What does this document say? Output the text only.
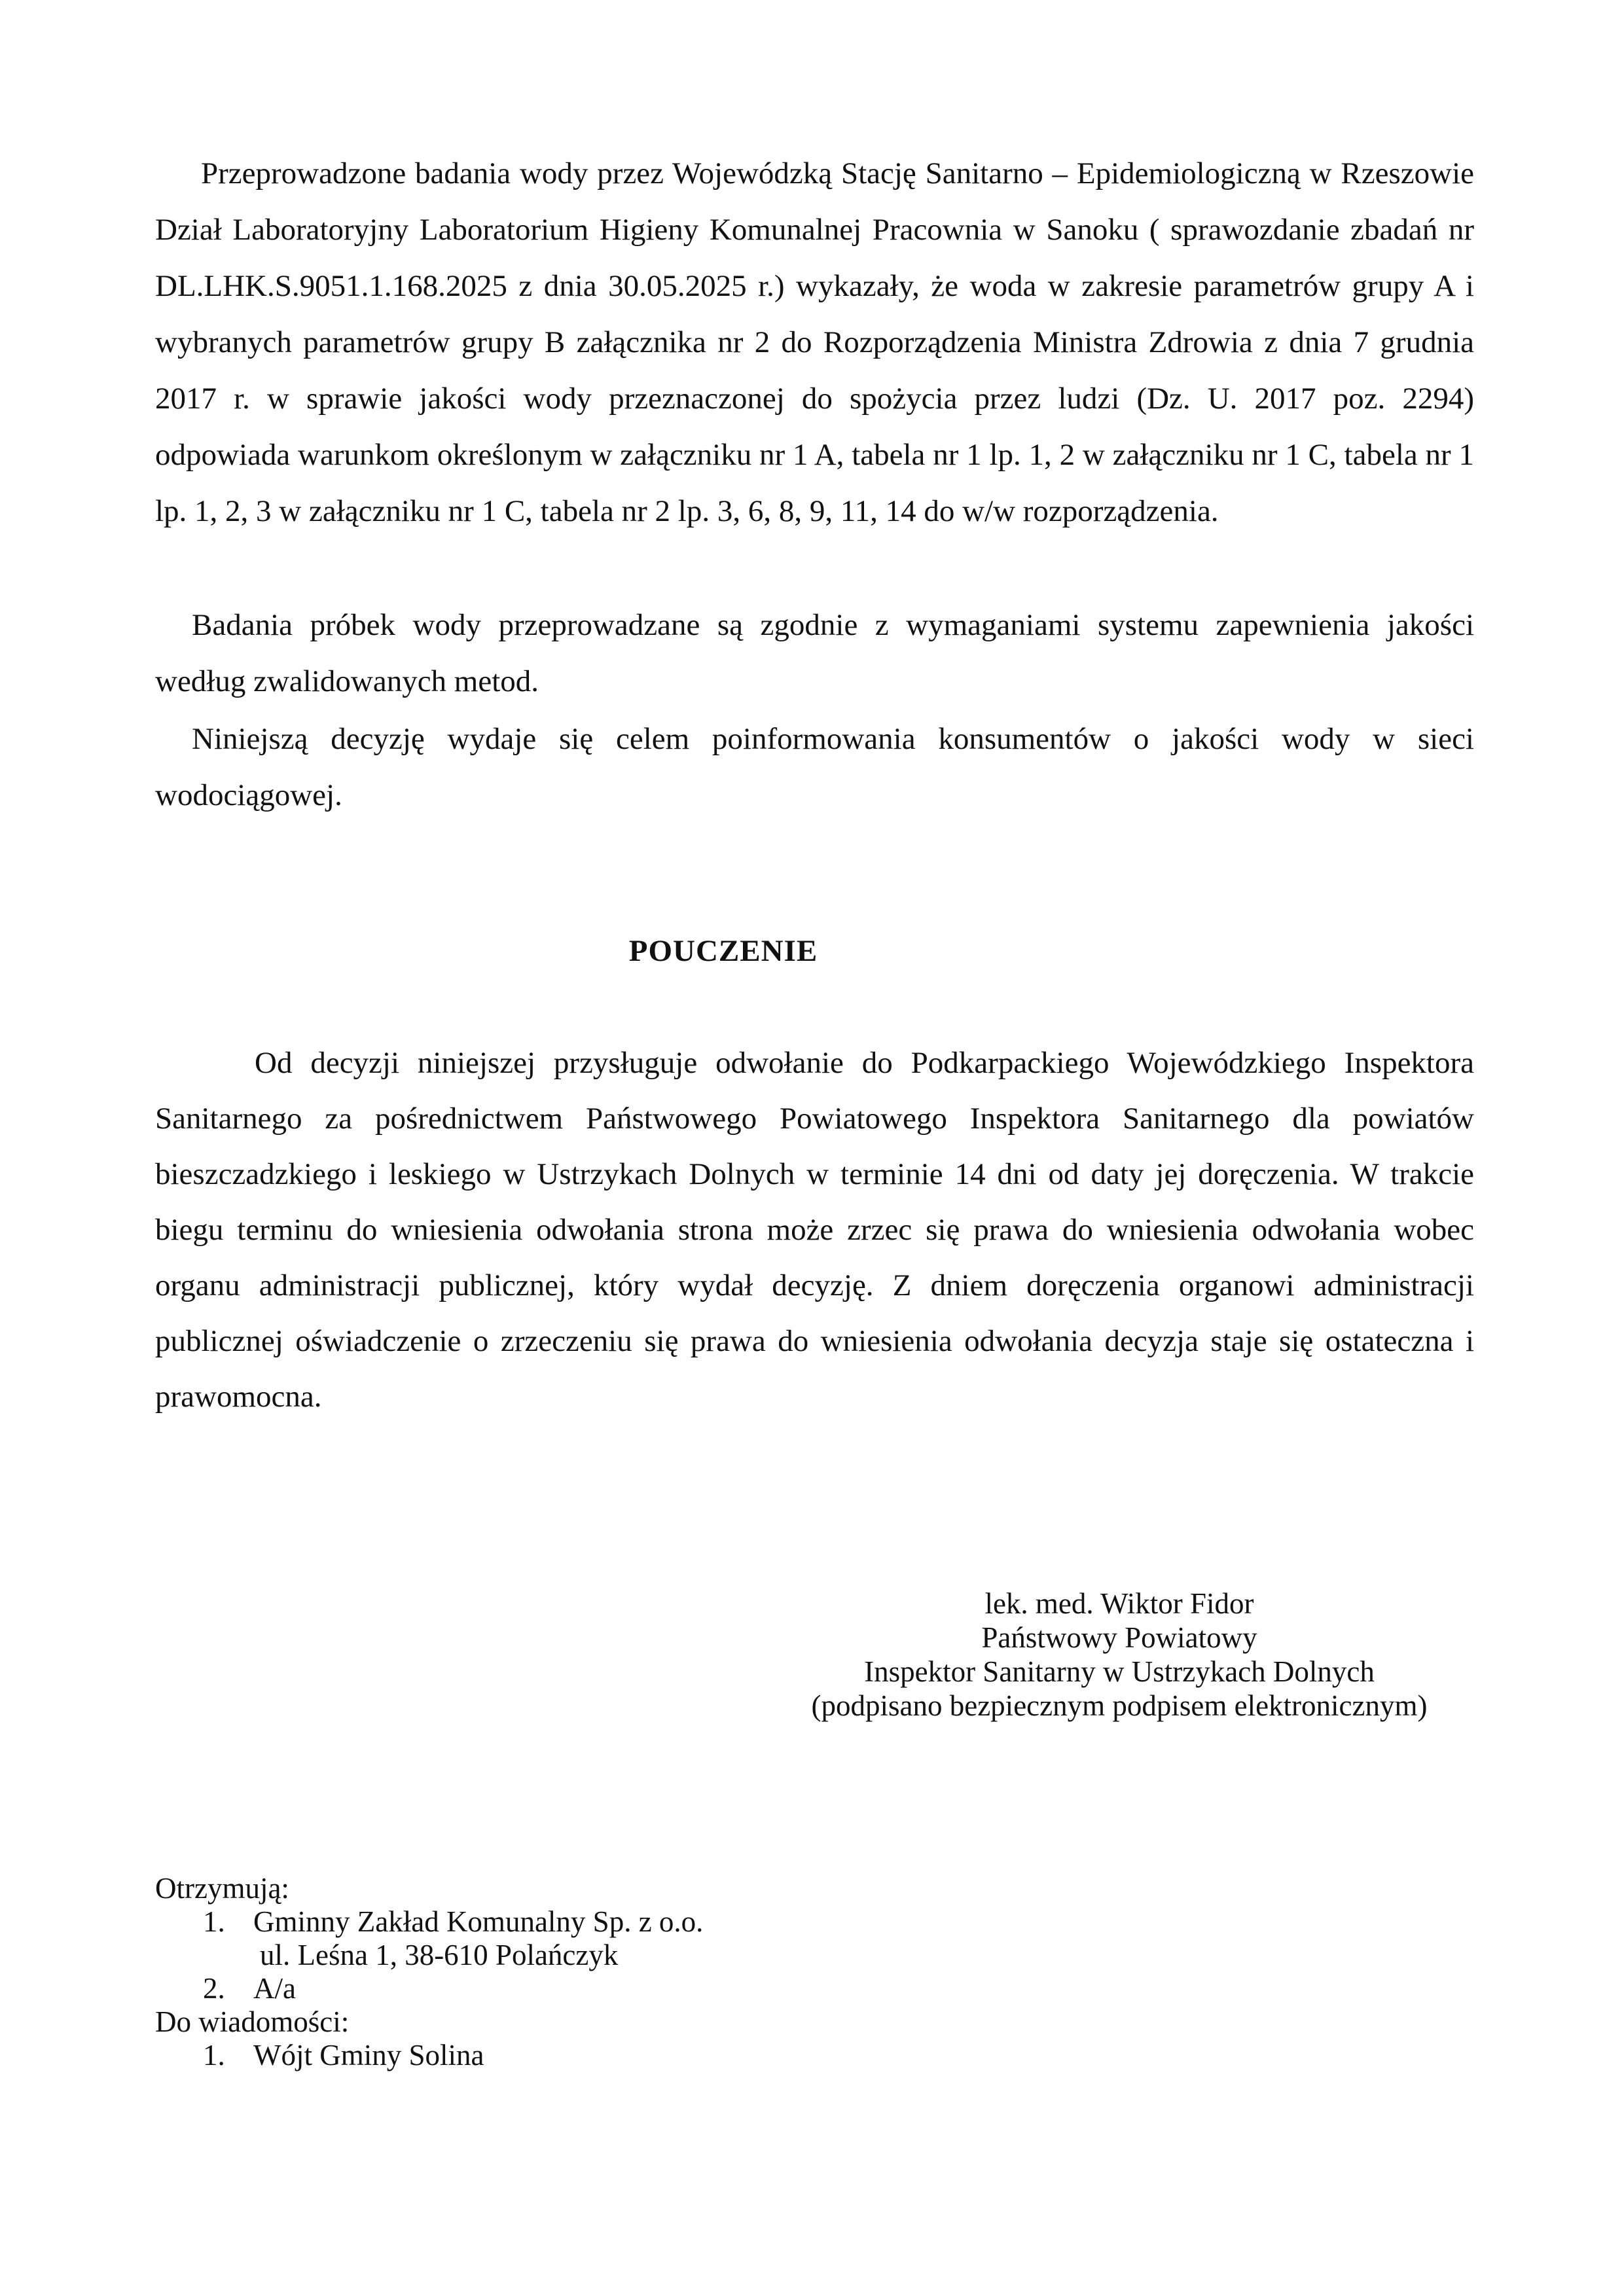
Przeprowadzone badania wody przez Wojewódzką Stację Sanitarno – Epidemiologiczną w Rzeszowie Dział Laboratoryjny Laboratorium Higieny Komunalnej Pracownia w Sanoku ( sprawozdanie zbadań nr DL.LHK.S.9051.1.168.2025 z dnia 30.05.2025 r.) wykazały, że woda w zakresie parametrów grupy A i wybranych parametrów grupy B załącznika nr 2 do Rozporządzenia Ministra Zdrowia z dnia 7 grudnia 2017 r. w sprawie jakości wody przeznaczonej do spożycia przez ludzi (Dz. U. 2017 poz. 2294) odpowiada warunkom określonym w załączniku nr 1 A, tabela nr 1 lp. 1, 2 w załączniku nr 1 C, tabela nr 1 lp. 1, 2, 3 w załączniku nr 1 C, tabela nr 2 lp. 3, 6, 8, 9, 11, 14 do w/w rozporządzenia.

Badania próbek wody przeprowadzane są zgodnie z wymaganiami systemu zapewnienia jakości według zwalidowanych metod.

Niniejszą decyzję wydaje się celem poinformowania konsumentów o jakości wody w sieci wodociągowej.

POUCZENIE

Od decyzji niniejszej przysługuje odwołanie do Podkarpackiego Wojewódzkiego Inspektora Sanitarnego za pośrednictwem Państwowego Powiatowego Inspektora Sanitarnego dla powiatów bieszczadzkiego i leskiego w Ustrzykach Dolnych w terminie 14 dni od daty jej doręczenia. W trakcie biegu terminu do wniesienia odwołania strona może zrzec się prawa do wniesienia odwołania wobec organu administracji publicznej, który wydał decyzję. Z dniem doręczenia organowi administracji publicznej oświadczenie o zrzeczeniu się prawa do wniesienia odwołania decyzja staje się ostateczna i prawomocna.

lek. med. Wiktor Fidor
Państwowy Powiatowy
Inspektor Sanitarny w Ustrzykach Dolnych
(podpisano bezpiecznym podpisem elektronicznym)
Otrzymują:
1. Gminny Zakład Komunalny Sp. z o.o.
ul. Leśna 1, 38-610 Polańczyk
2. A/a
Do wiadomości:
1. Wójt Gminy Solina
